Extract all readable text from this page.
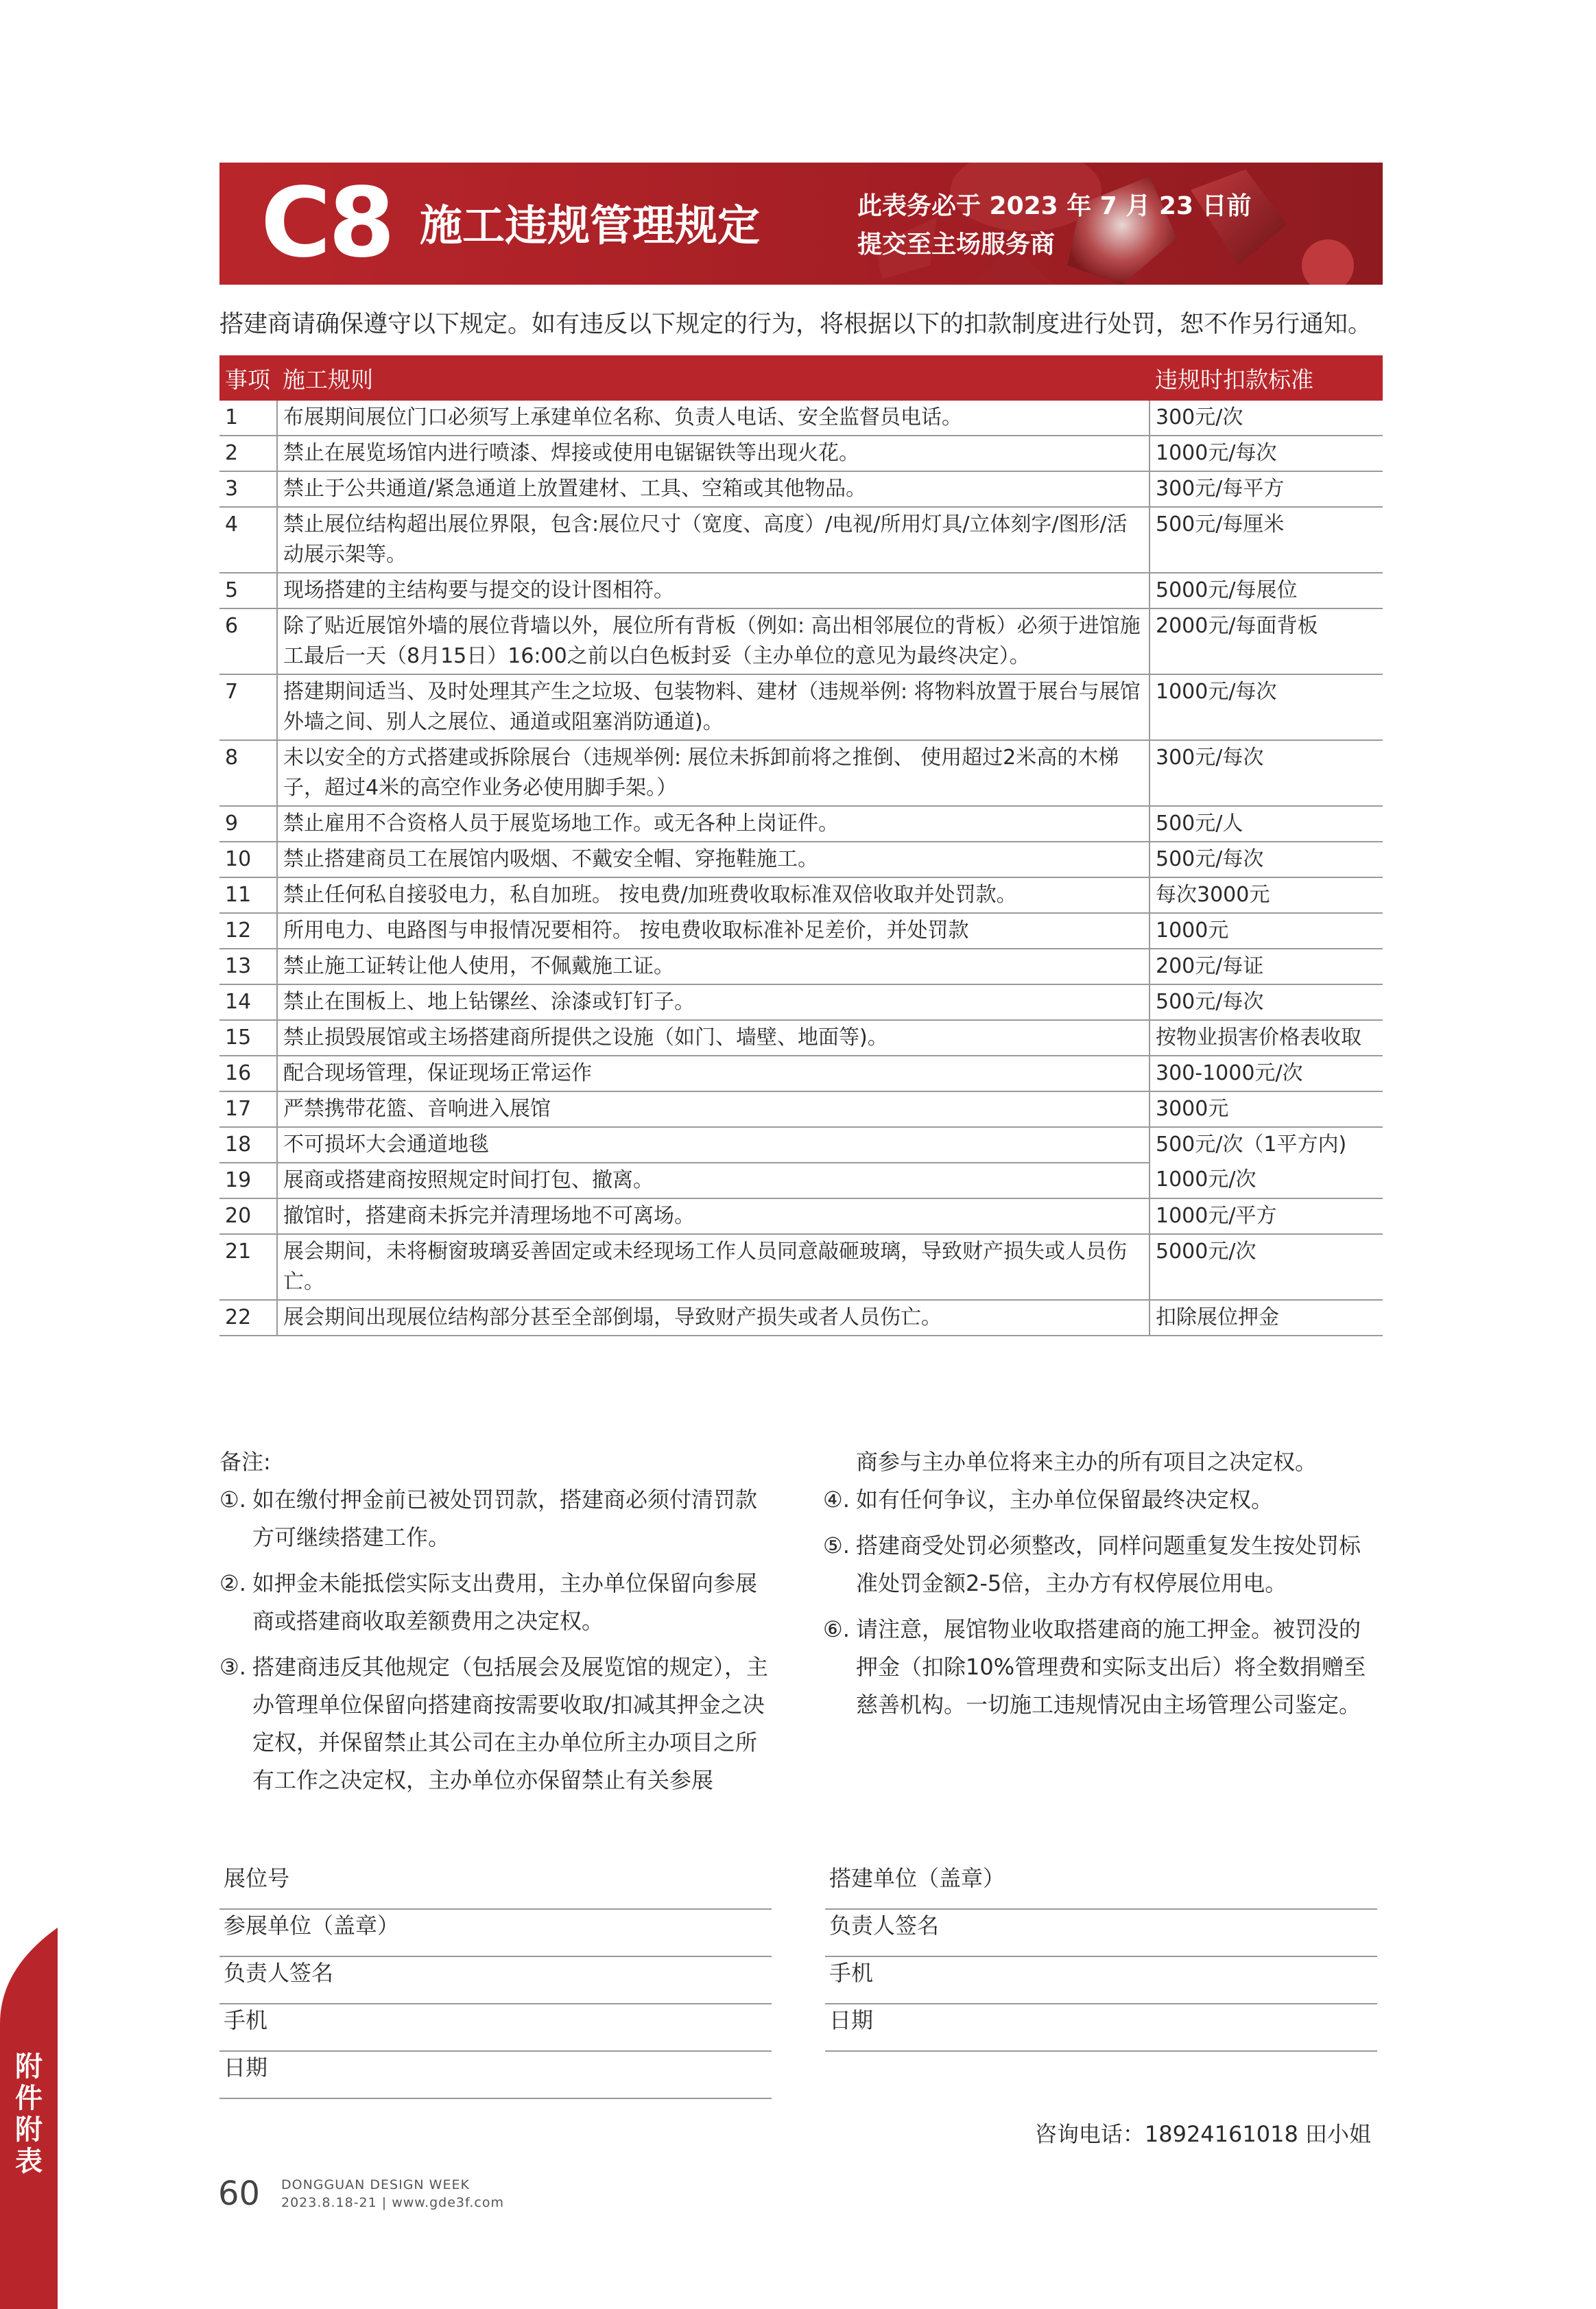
C8 施工违规管理规定	此表务必于 2023 年 7 月 23 日前
提交至主场服务商
搭建商请确保遵守以下规定。如有违反以下规定的行为，将根据以下的扣款制度进行处罚，恕不作另行通知。
事项	施工规则	违规时扣款标准
1	布展期间展位门口必须写上承建单位名称、负责人电话、安全监督员电话。	300元/次
2	禁止在展览场馆内进行喷漆、焊接或使用电锯锯铁等出现火花。	1000元/每次
3	禁止于公共通道/紧急通道上放置建材、工具、空箱或其他物品。	300元/每平方
4	禁止展位结构超出展位界限，包含:展位尺寸（宽度、高度）/电视/所用灯具/立体刻字/图形/活动展示架等。	500元/每厘米
5	现场搭建的主结构要与提交的设计图相符。	5000元/每展位
6	除了贴近展馆外墙的展位背墙以外，展位所有背板（例如: 高出相邻展位的背板）必须于进馆施工最后一天（8月15日）16:00之前以白色板封妥（主办单位的意见为最终决定）。	2000元/每面背板
7	搭建期间适当、及时处理其产生之垃圾、包装物料、建材（违规举例: 将物料放置于展台与展馆外墙之间、别人之展位、通道或阻塞消防通道)。	1000元/每次
8	未以安全的方式搭建或拆除展台（违规举例: 展位未拆卸前将之推倒、 使用超过2米高的木梯子，超过4米的高空作业务必使用脚手架。）	300元/每次
9	禁止雇用不合资格人员于展览场地工作。或无各种上岗证件。	500元/人
10	禁止搭建商员工在展馆内吸烟、不戴安全帽、穿拖鞋施工。	500元/每次
11	禁止任何私自接驳电力，私自加班。 按电费/加班费收取标准双倍收取并处罚款。	每次3000元
12	所用电力、电路图与申报情况要相符。 按电费收取标准补足差价，并处罚款	1000元
13	禁止施工证转让他人使用，不佩戴施工证。	200元/每证
14	禁止在围板上、地上钻镙丝、涂漆或钉钉子。	500元/每次
15	禁止损毁展馆或主场搭建商所提供之设施（如门、墙壁、地面等)。	按物业损害价格表收取
16	配合现场管理，保证现场正常运作	300-1000元/次
17	严禁携带花篮、音响进入展馆	3000元
18	不可损坏大会通道地毯	500元/次（1平方内)
19	展商或搭建商按照规定时间打包、撤离。	1000元/次
20	撤馆时，搭建商未拆完并清理场地不可离场。	1000元/平方
21	展会期间，未将橱窗玻璃妥善固定或未经现场工作人员同意敲砸玻璃，导致财产损失或人员伤亡。	5000元/次
22	展会期间出现展位结构部分甚至全部倒塌，导致财产损失或者人员伤亡。	扣除展位押金

备注:

①. 如在缴付押金前已被处罚罚款，搭建商必须付清罚款方可继续搭建工作。
②. 如押金未能抵偿实际支出费用，主办单位保留向参展商或搭建商收取差额费用之决定权。
③. 搭建商违反其他规定（包括展会及展览馆的规定），主办管理单位保留向搭建商按需要收取/扣减其押金之决定权，并保留禁止其公司在主办单位所主办项目之所有工作之决定权，主办单位亦保留禁止有关参展

商参与主办单位将来主办的所有项目之决定权。

④. 如有任何争议，主办单位保留最终决定权。
⑤. 搭建商受处罚必须整改，同样问题重复发生按处罚标准处罚金额2-5倍，主办方有权停展位用电。
⑥. 请注意，展馆物业收取搭建商的施工押金。被罚没的押金（扣除10%管理费和实际支出后）将全数捐赠至慈善机构。一切施工违规情况由主场管理公司鉴定。
展位号
参展单位（盖章）
负责人签名
手机
日期
搭建单位（盖章）
负责人签名
手机
日期
咨询电话：18924161018 田小姐
附件附表
60 DONGGUAN DESIGN WEEK
2023.8.18-21 | www.gde3f.com
